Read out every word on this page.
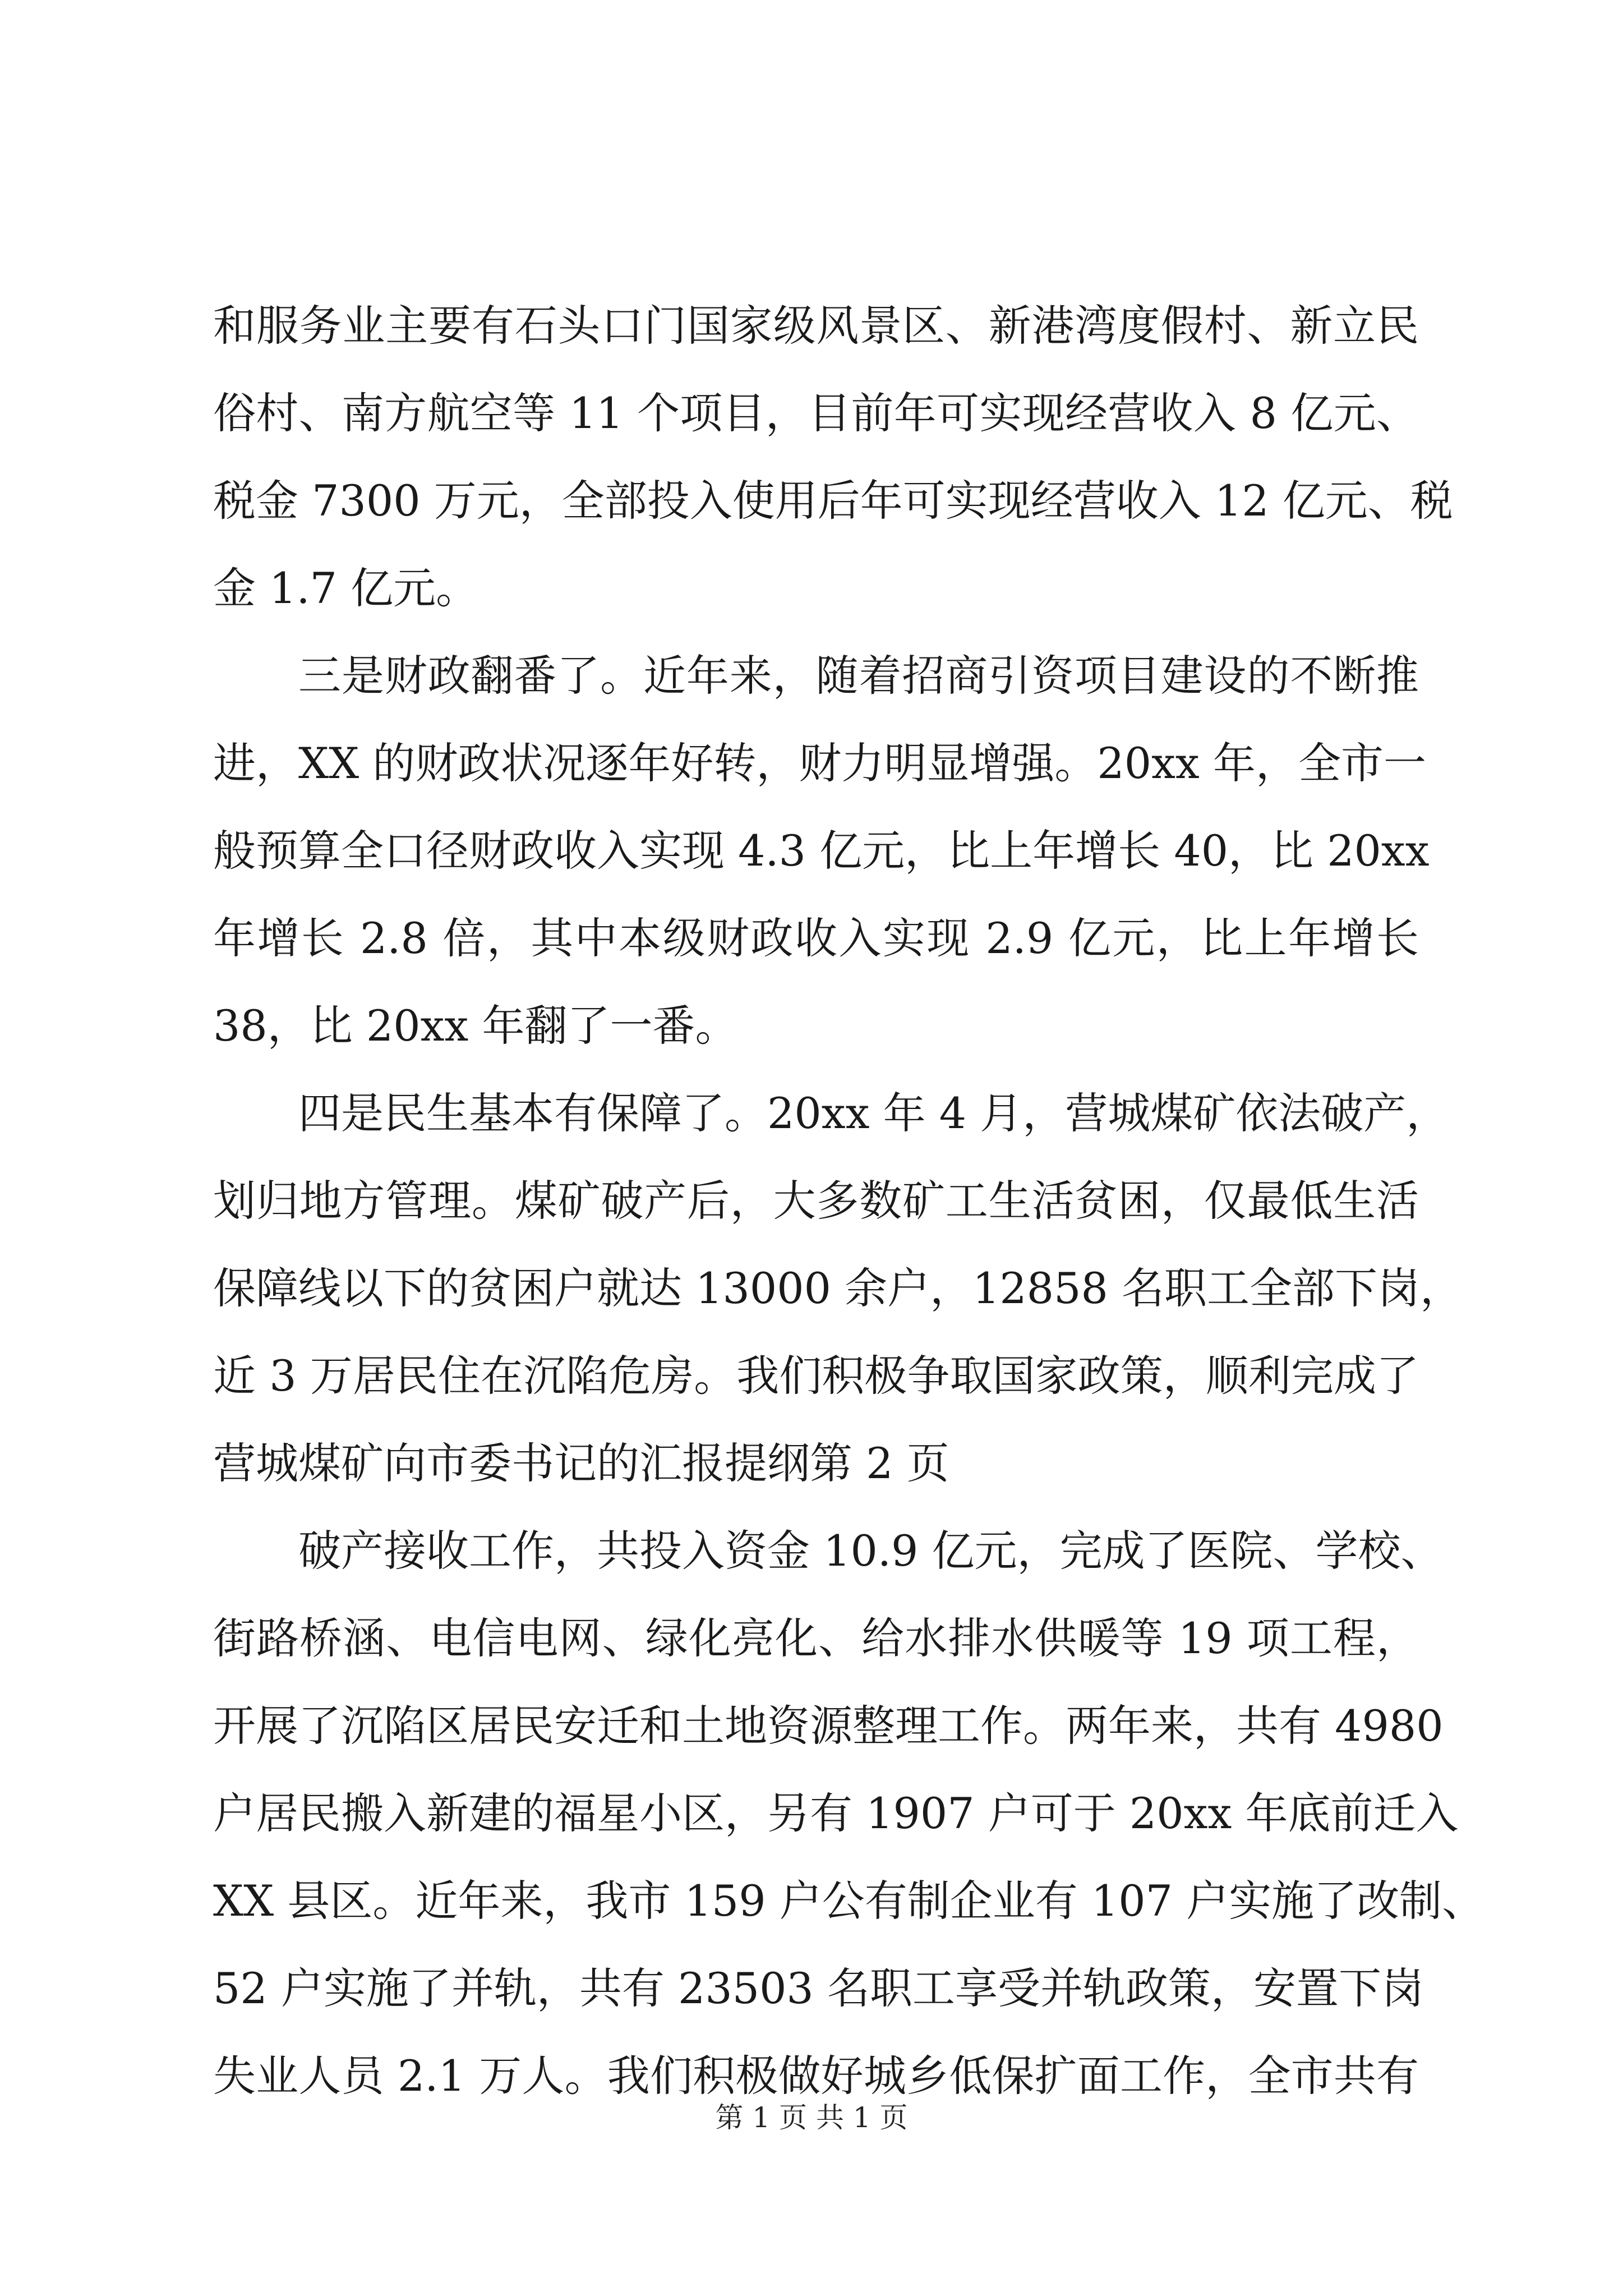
和服务业主要有石头口门国家级风景区、新港湾度假村、新立民
俗村、南方航空等 11 个项目，目前年可实现经营收入 8 亿元、
税金 7300 万元，全部投入使用后年可实现经营收入 12 亿元、税
金 1.7 亿元。
三是财政翻番了。近年来，随着招商引资项目建设的不断推
进，XX 的财政状况逐年好转，财力明显增强。20xx 年，全市一
般预算全口径财政收入实现 4.3 亿元，比上年增长 40，比 20xx
年增长 2.8 倍，其中本级财政收入实现 2.9 亿元，比上年增长
38，比 20xx 年翻了一番。
四是民生基本有保障了。20xx 年 4 月，营城煤矿依法破产，
划归地方管理。煤矿破产后，大多数矿工生活贫困，仅最低生活
保障线以下的贫困户就达 13000 余户，12858 名职工全部下岗，
近 3 万居民住在沉陷危房。我们积极争取国家政策，顺利完成了
营城煤矿向市委书记的汇报提纲第 2 页
破产接收工作，共投入资金 10.9 亿元，完成了医院、学校、
街路桥涵、电信电网、绿化亮化、给水排水供暖等 19 项工程，
开展了沉陷区居民安迁和土地资源整理工作。两年来，共有 4980
户居民搬入新建的福星小区，另有 1907 户可于 20xx 年底前迁入
XX 县区。近年来，我市 159 户公有制企业有 107 户实施了改制、
52 户实施了并轨，共有 23503 名职工享受并轨政策，安置下岗
失业人员 2.1 万人。我们积极做好城乡低保扩面工作，全市共有
第 1 页 共 1 页
